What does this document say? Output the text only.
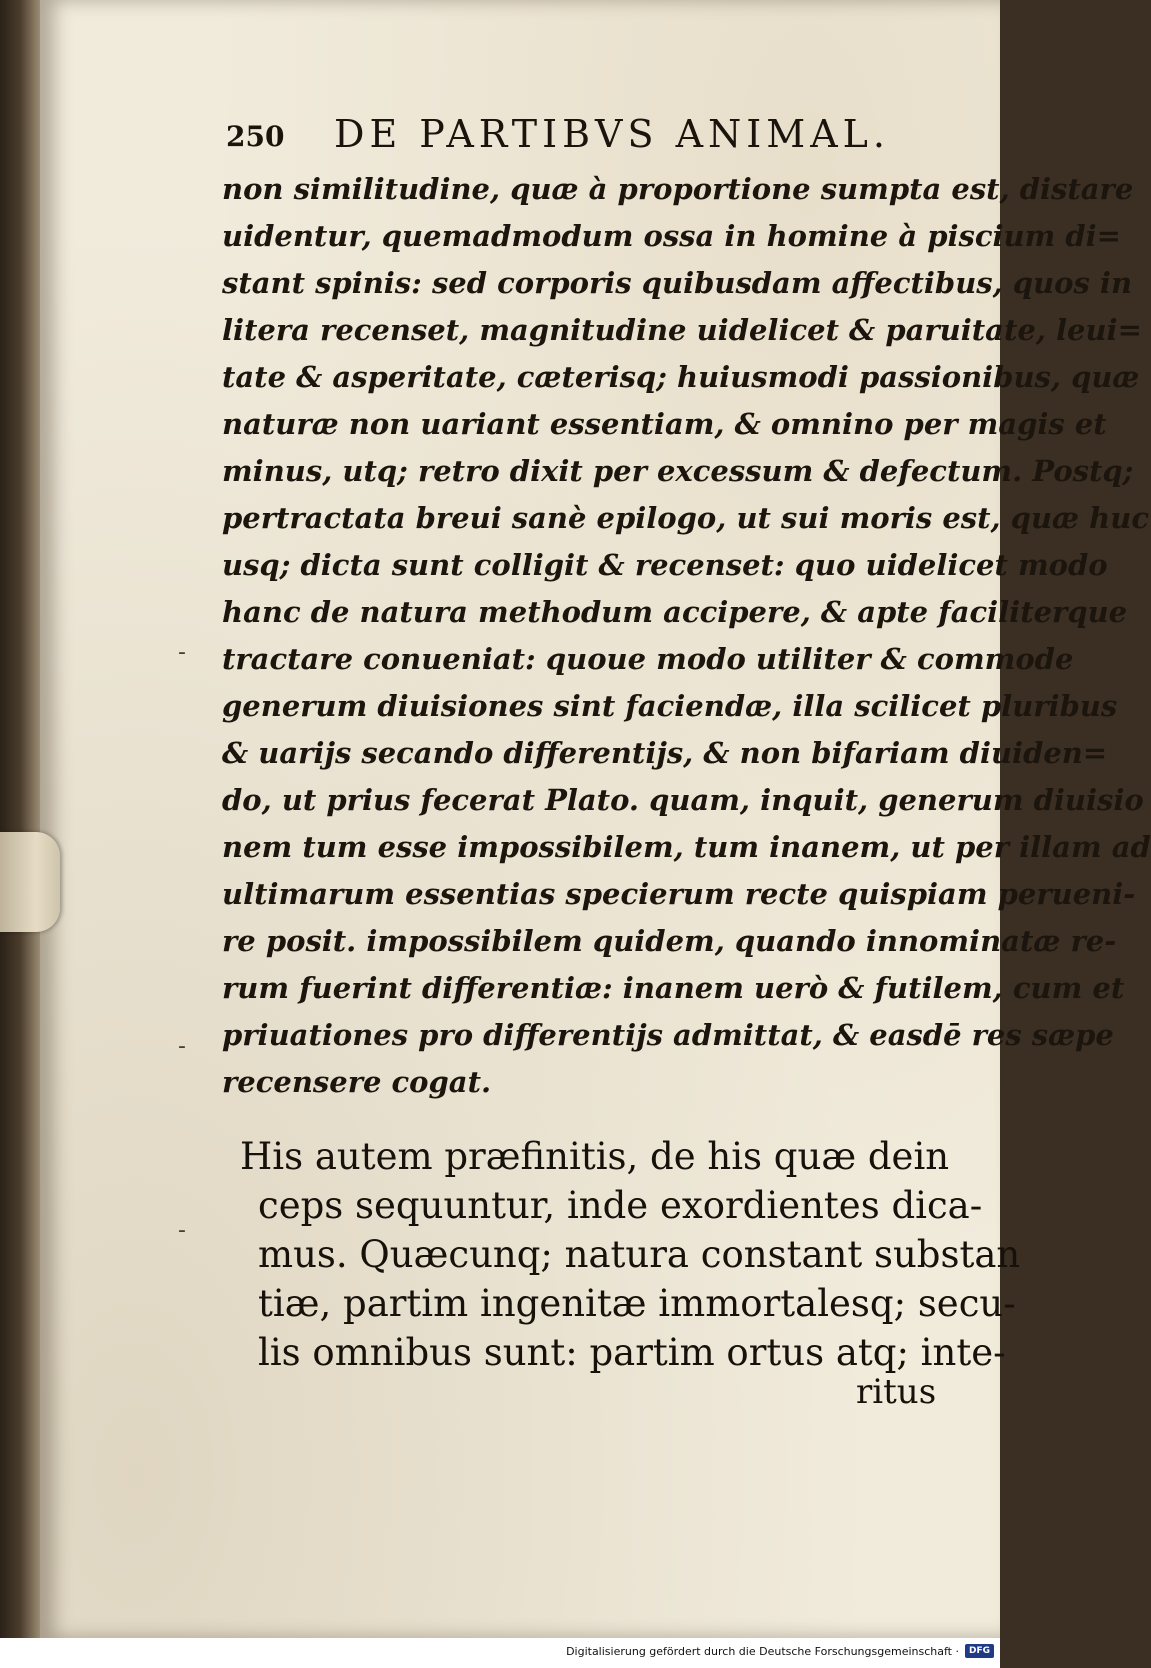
250 DE PARTIBVS ANIMAL.
non similitudine, quæ à proportione sumpta est, distare
uidentur, quemadmodum ossa in homine à piscium di=
stant spinis: sed corporis quibusdam affectibus, quos in
litera recenset, magnitudine uidelicet & paruitate, leui=
tate & asperitate, cæterisq; huiusmodi passionibus, quæ
naturæ non uariant essentiam, & omnino per magis et
minus, utq; retro dixit per excessum & defectum. Postq;
pertractata breui sanè epilogo, ut sui moris est, quæ huc
usq; dicta sunt colligit & recenset: quo uidelicet modo
hanc de natura methodum accipere, & apte faciliterque
tractare conueniat: quoue modo utiliter & commode
generum diuisiones sint faciendæ, illa scilicet pluribus
& uarijs secando differentijs, & non bifariam diuiden=
do, ut prius fecerat Plato. quam, inquit, generum diuisio
nem tum esse impossibilem, tum inanem, ut per illam ad
ultimarum essentias specierum recte quispiam perueni-
re posit. impossibilem quidem, quando innominatæ re-
rum fuerint differentiæ: inanem uerò & futilem, cum et
priuationes pro differentijs admittat, & easdē res sæpe
recensere cogat.
-
-
-
His autem præfinitis, de his quæ dein
ceps sequuntur, inde exordientes dica-
mus. Quæcunq; natura constant substan
tiæ, partim ingenitæ immortalesq; secu-
lis omnibus sunt: partim ortus atq; inte-
ritus
Digitalisierung gefördert durch die Deutsche Forschungsgemeinschaft ·	DFG
